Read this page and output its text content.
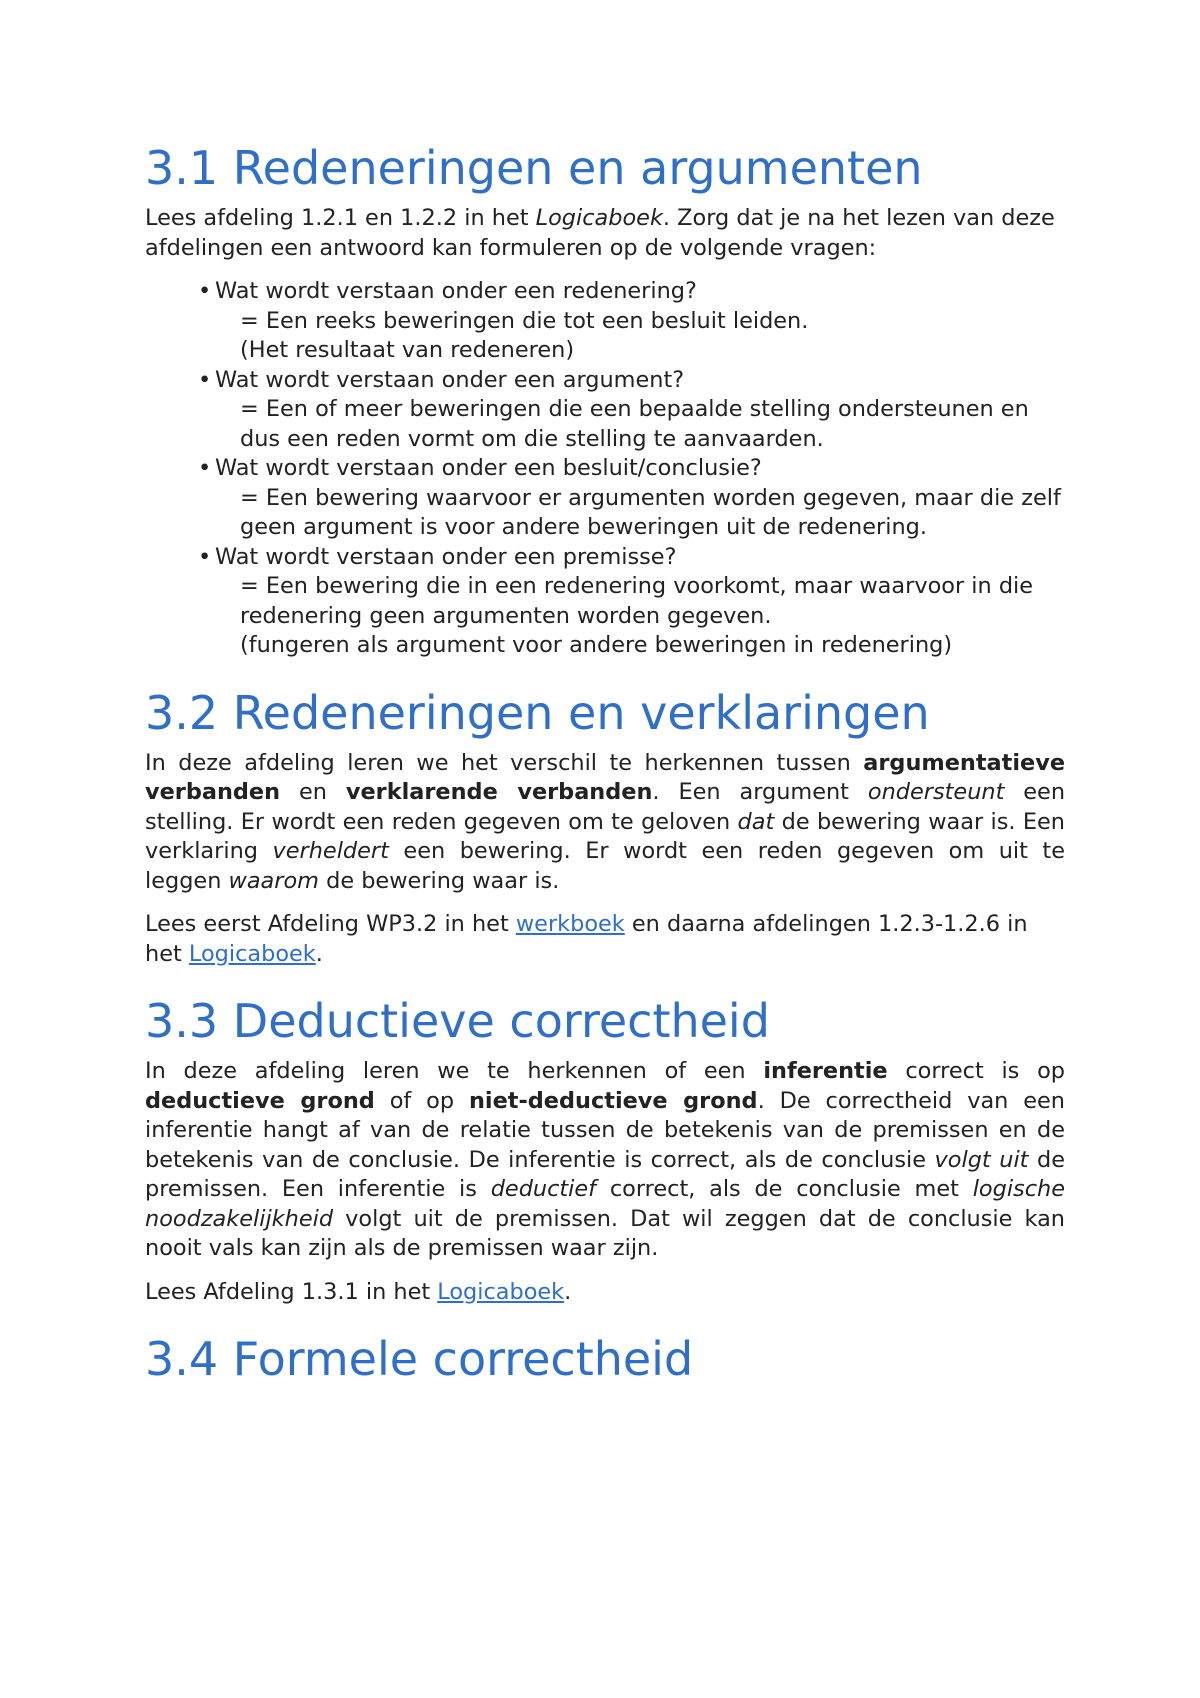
3.1 Redeneringen en argumenten

Lees afdeling 1.2.1 en 1.2.2 in het Logicaboek. Zorg dat je na het lezen van deze afdelingen een antwoord kan formuleren op de volgende vragen:

• Wat wordt verstaan onder een redenering?
= Een reeks beweringen die tot een besluit leiden.
(Het resultaat van redeneren)
• Wat wordt verstaan onder een argument?
= Een of meer beweringen die een bepaalde stelling ondersteunen en dus een reden vormt om die stelling te aanvaarden.
• Wat wordt verstaan onder een besluit/conclusie?
= Een bewering waarvoor er argumenten worden gegeven, maar die zelf geen argument is voor andere beweringen uit de redenering.
• Wat wordt verstaan onder een premisse?
= Een bewering die in een redenering voorkomt, maar waarvoor in die redenering geen argumenten worden gegeven.
(fungeren als argument voor andere beweringen in redenering)
3.2 Redeneringen en verklaringen

In deze afdeling leren we het verschil te herkennen tussen argumentatieve verbanden en verklarende verbanden. Een argument ondersteunt een stelling. Er wordt een reden gegeven om te geloven dat de bewering waar is. Een verklaring verheldert een bewering. Er wordt een reden gegeven om uit te leggen waarom de bewering waar is.

Lees eerst Afdeling WP3.2 in het werkboek en daarna afdelingen 1.2.3-1.2.6 in het Logicaboek.

3.3 Deductieve correctheid

In deze afdeling leren we te herkennen of een inferentie correct is op deductieve grond of op niet-deductieve grond. De correctheid van een inferentie hangt af van de relatie tussen de betekenis van de premissen en de betekenis van de conclusie. De inferentie is correct, als de conclusie volgt uit de premissen. Een inferentie is deductief correct, als de conclusie met logische noodzakelijkheid volgt uit de premissen. Dat wil zeggen dat de conclusie kan nooit vals kan zijn als de premissen waar zijn.

Lees Afdeling 1.3.1 in het Logicaboek.

3.4 Formele correctheid
